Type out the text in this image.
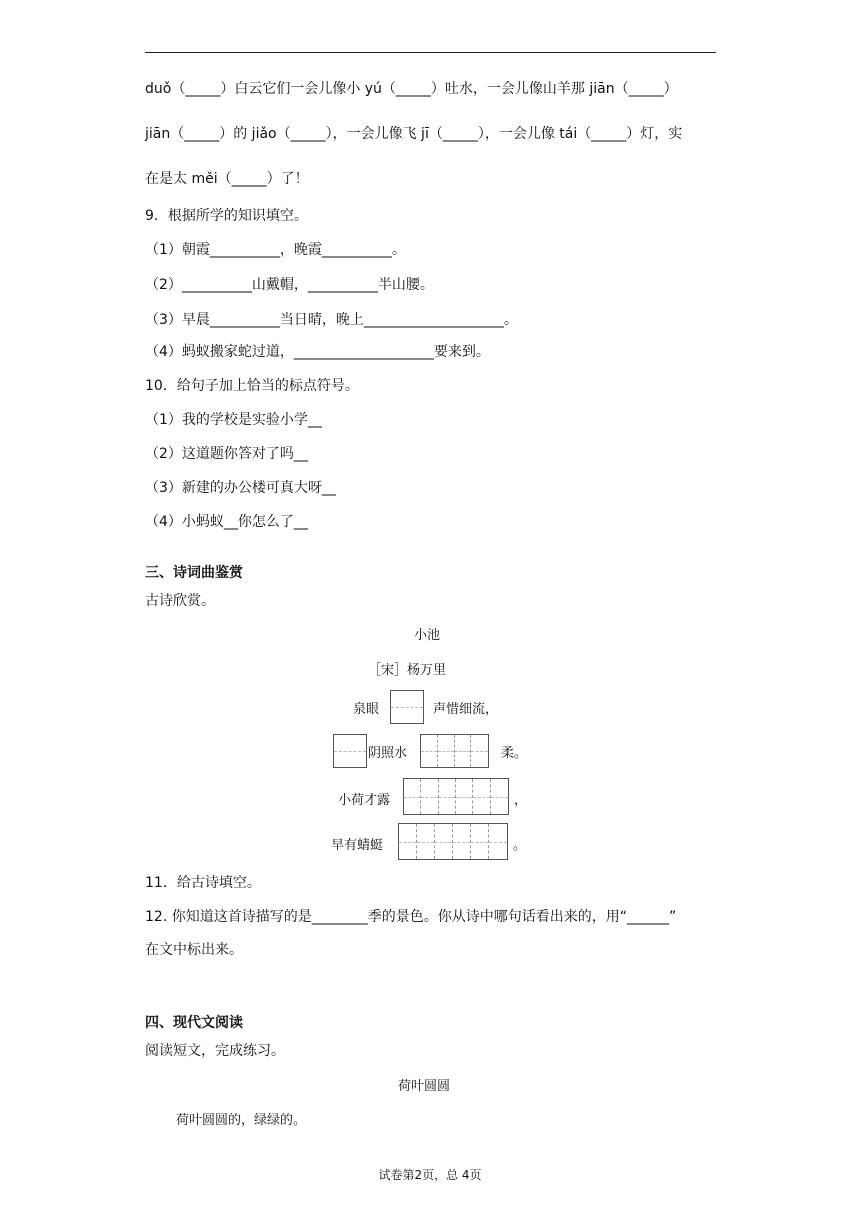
duǒ（_____）白云它们一会儿像小 yú（_____）吐水，一会儿像山羊那 jiān（_____）
jiān（_____）的 jiǎo（_____），一会儿像飞 jī（_____），一会儿像 tái（_____）灯，实
在是太 měi（_____）了！
9．根据所学的知识填空。
（1）朝霞__________，晚霞__________。
（2）__________山戴帽，__________半山腰。
（3）早晨__________当日晴，晚上____________________。
（4）蚂蚁搬家蛇过道，____________________要来到。
10．给句子加上恰当的标点符号。
（1）我的学校是实验小学__
（2）这道题你答对了吗__
（3）新建的办公楼可真大呀__
（4）小蚂蚁__你怎么了__
三、诗词曲鉴赏
古诗欣赏。
小池
［宋］杨万里
泉眼	声惜细流，
阴照水	柔。
小荷才露	，
早有蜻蜓	。
11．给古诗填空。
12. 你知道这首诗描写的是________季的景色。你从诗中哪句话看出来的，用“______”
在文中标出来。
四、现代文阅读
阅读短文，完成练习。
荷叶圆圆
荷叶圆圆的，绿绿的。
试卷第2页，总 4页
